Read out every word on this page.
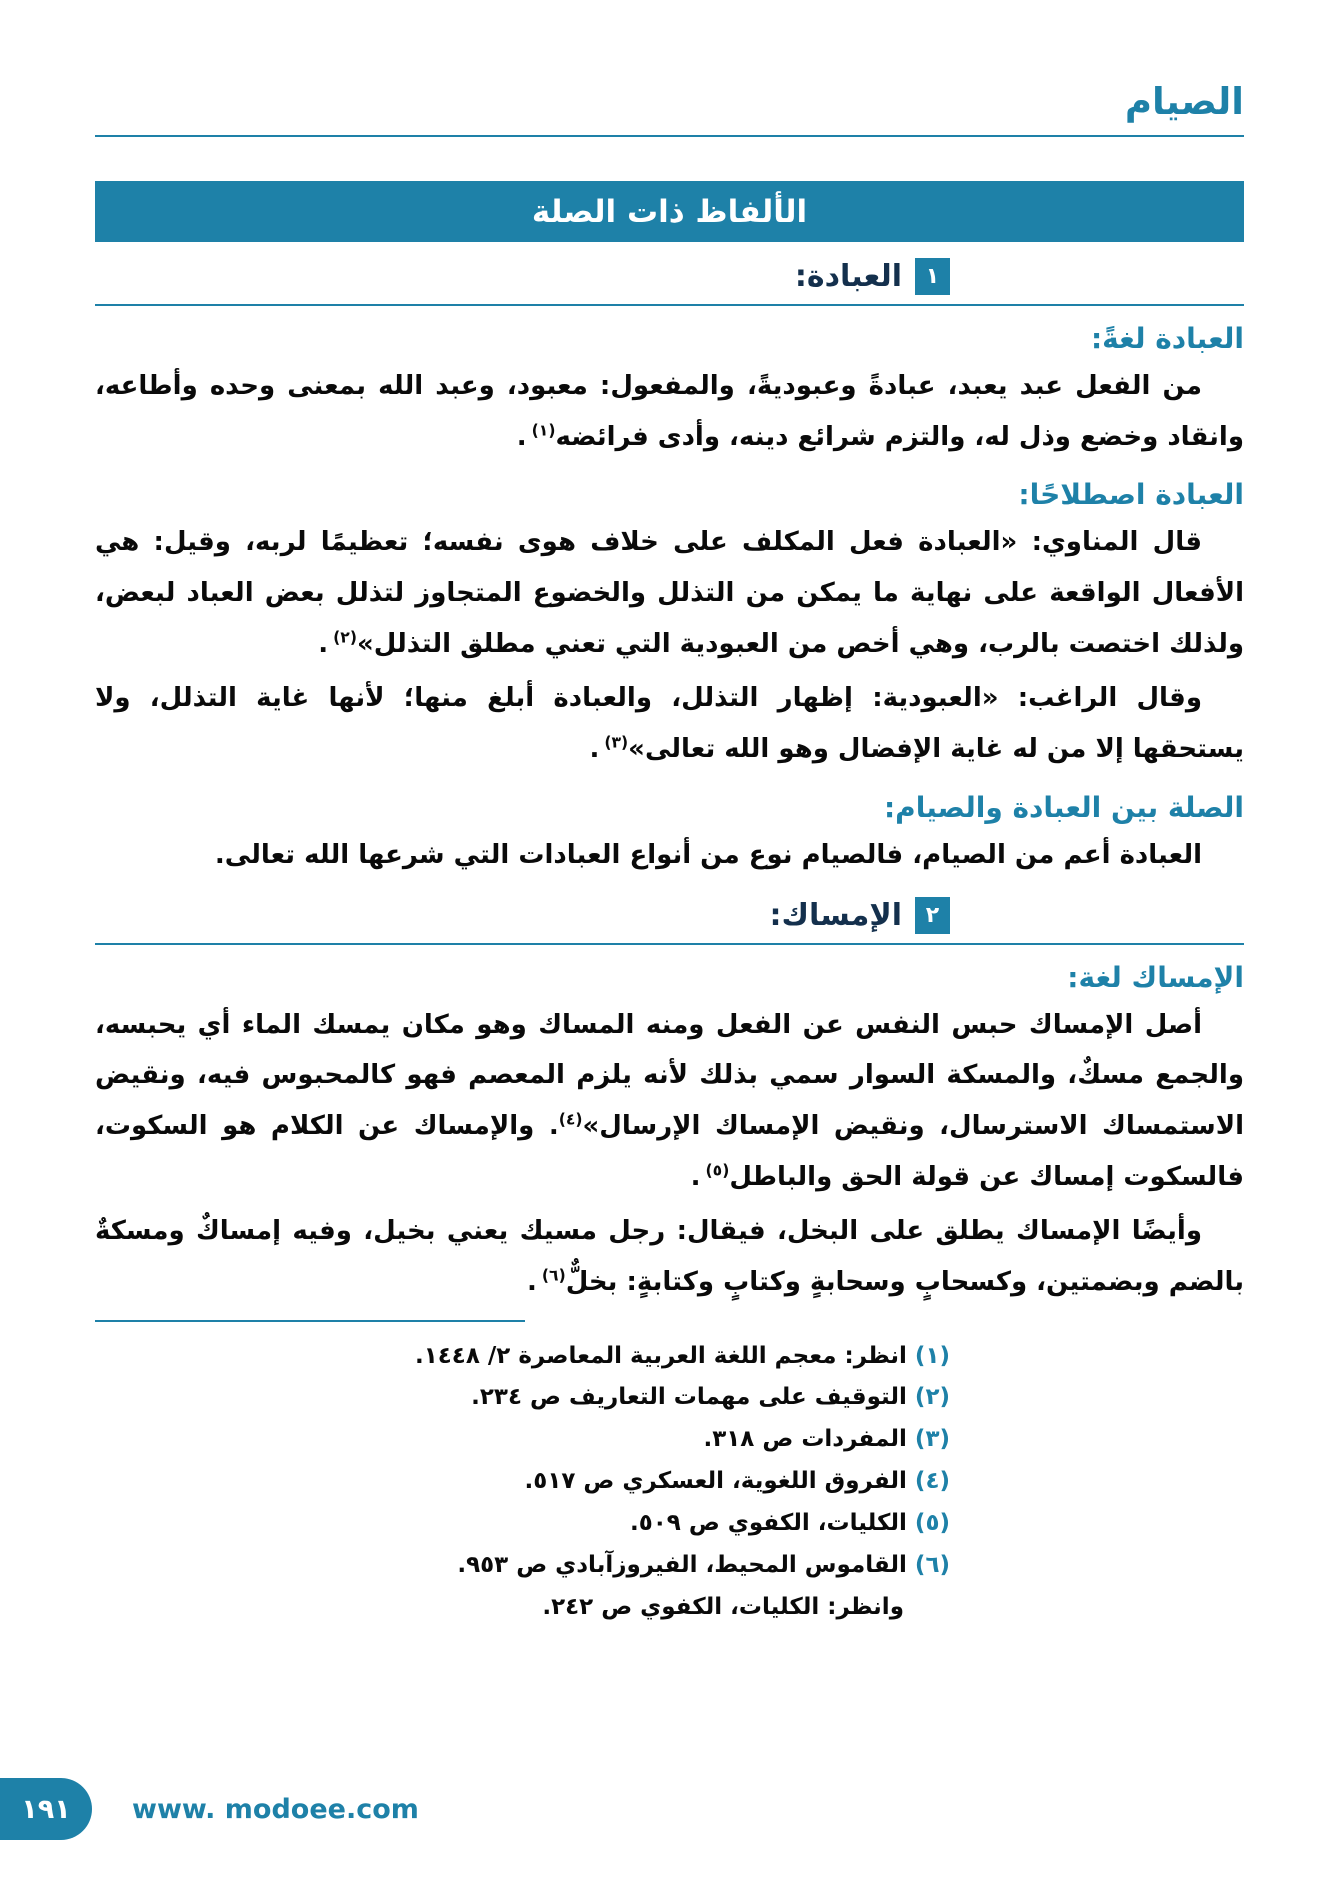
الصيام
الألفاظ ذات الصلة
١
العبادة:
العبادة لغةً:

من الفعل عبد يعبد، عبادةً وعبوديةً، والمفعول: معبود، وعبد الله بمعنى وحده وأطاعه، وانقاد وخضع وذل له، والتزم شرائع دينه، وأدى فرائضه$^{(١)}$.

العبادة اصطلاحًا:

قال المناوي: «العبادة فعل المكلف على خلاف هوى نفسه؛ تعظيمًا لربه، وقيل: هي الأفعال الواقعة على نهاية ما يمكن من التذلل والخضوع المتجاوز لتذلل بعض العباد لبعض، ولذلك اختصت بالرب، وهي أخص من العبودية التي تعني مطلق التذلل»$^{(٢)}$.

وقال الراغب: «العبودية: إظهار التذلل، والعبادة أبلغ منها؛ لأنها غاية التذلل، ولا يستحقها إلا من له غاية الإفضال وهو الله تعالى»$^{(٣)}$.

الصلة بين العبادة والصيام:

العبادة أعم من الصيام، فالصيام نوع من أنواع العبادات التي شرعها الله تعالى.

٢
الإمساك:
الإمساك لغة:

أصل الإمساك حبس النفس عن الفعل ومنه المساك وهو مكان يمسك الماء أي يحبسه، والجمع مسكٌ، والمسكة السوار سمي بذلك لأنه يلزم المعصم فهو كالمحبوس فيه، ونقيض الاستمساك الاسترسال، ونقيض الإمساك الإرسال»$^{(٤)}$. والإمساك عن الكلام هو السكوت، فالسكوت إمساك عن قولة الحق والباطل$^{(٥)}$.

وأيضًا الإمساك يطلق على البخل، فيقال: رجل مسيك يعني بخيل، وفيه إمساكٌ ومسكةٌ بالضم وبضمتين، وكسحابٍ وسحابةٍ وكتابٍ وكتابةٍ: بخلٌّ$^{(٦)}$.

(١)انظر: معجم اللغة العربية المعاصرة ٢/ ١٤٤٨.
(٢)التوقيف على مهمات التعاريف ص ٢٣٤.
(٣)المفردات ص ٣١٨.
(٤)الفروق اللغوية، العسكري ص ٥١٧.
(٥)الكليات، الكفوي ص ٥٠٩.
(٦)القاموس المحيط، الفيروزآبادي ص ٩٥٣.
وانظر: الكليات، الكفوي ص ٢٤٢.
١٩١ www. modoee.com
